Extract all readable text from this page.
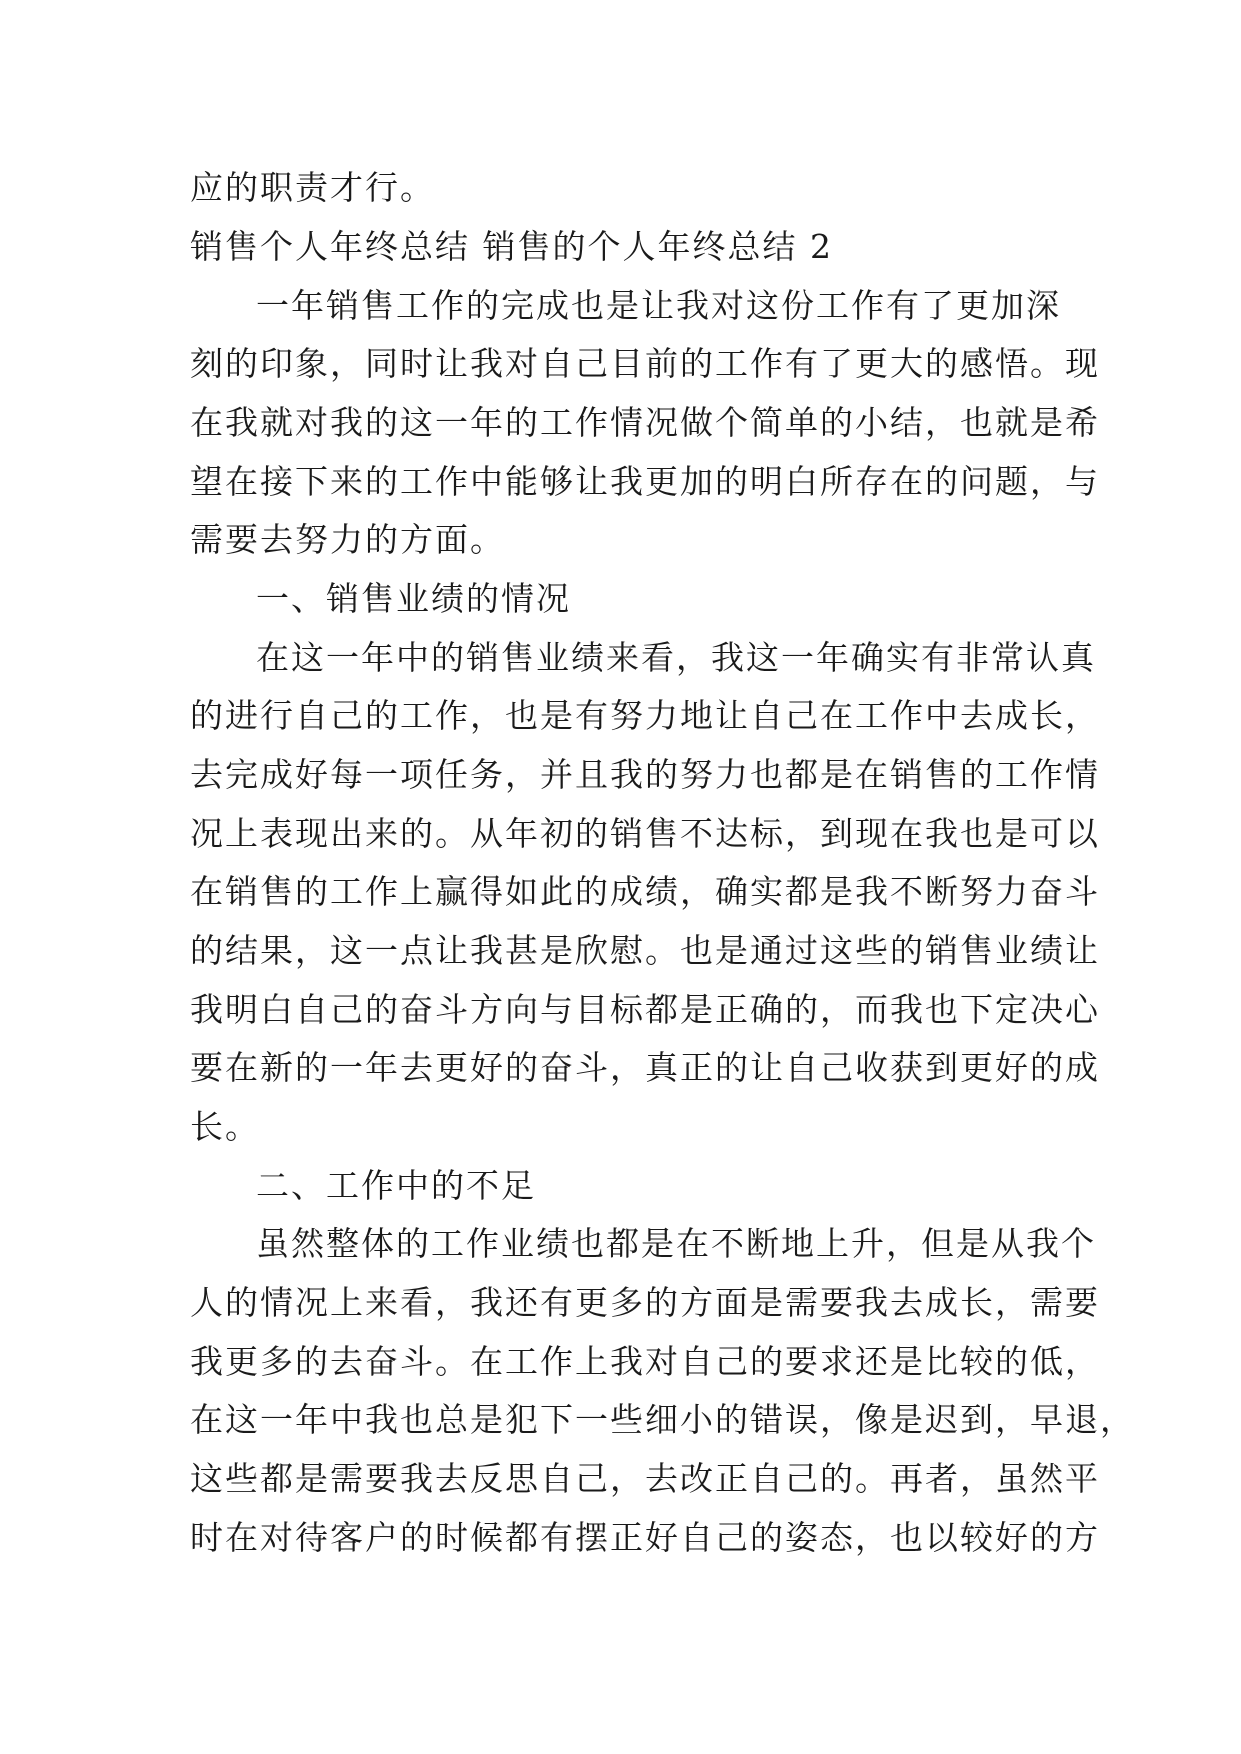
应的职责才行。
销售个人年终总结 销售的个人年终总结 2
一年销售工作的完成也是让我对这份工作有了更加深
刻的印象，同时让我对自己目前的工作有了更大的感悟。现
在我就对我的这一年的工作情况做个简单的小结，也就是希
望在接下来的工作中能够让我更加的明白所存在的问题，与
需要去努力的方面。
一、销售业绩的情况
在这一年中的销售业绩来看，我这一年确实有非常认真
的进行自己的工作，也是有努力地让自己在工作中去成长，
去完成好每一项任务，并且我的努力也都是在销售的工作情
况上表现出来的。从年初的销售不达标，到现在我也是可以
在销售的工作上赢得如此的成绩，确实都是我不断努力奋斗
的结果，这一点让我甚是欣慰。也是通过这些的销售业绩让
我明白自己的奋斗方向与目标都是正确的，而我也下定决心
要在新的一年去更好的奋斗，真正的让自己收获到更好的成
长。
二、工作中的不足
虽然整体的工作业绩也都是在不断地上升，但是从我个
人的情况上来看，我还有更多的方面是需要我去成长，需要
我更多的去奋斗。在工作上我对自己的要求还是比较的低，
在这一年中我也总是犯下一些细小的错误，像是迟到，早退，
这些都是需要我去反思自己，去改正自己的。再者，虽然平
时在对待客户的时候都有摆正好自己的姿态，也以较好的方
